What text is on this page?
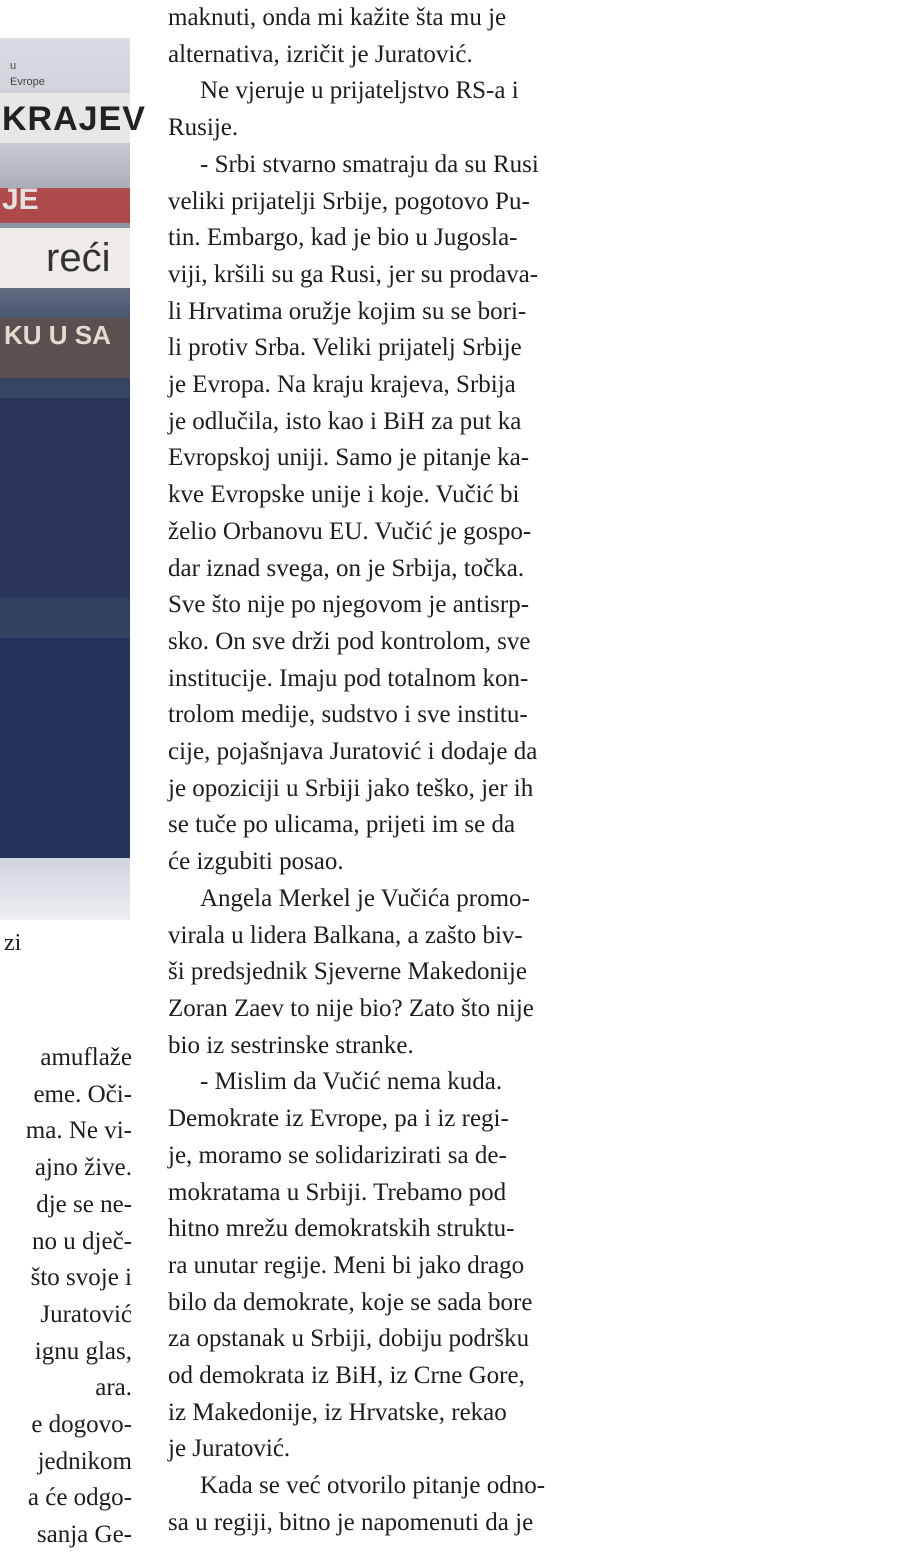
u
Evrope
KRAJEV
JE
reći
KU U SA
zi
maknuti, onda mi kažite šta mu je
alternativa, izričit je Juratović.
Ne vjeruje u prijateljstvo RS-a i
Rusije.
- Srbi stvarno smatraju da su Rusi
veliki prijatelji Srbije, pogotovo Pu-
tin. Embargo, kad je bio u Jugosla-
viji, kršili su ga Rusi, jer su prodava-
li Hrvatima oružje kojim su se bori-
li protiv Srba. Veliki prijatelj Srbije
je Evropa. Na kraju krajeva, Srbija
je odlučila, isto kao i BiH za put ka
Evropskoj uniji. Samo je pitanje ka-
kve Evropske unije i koje. Vučić bi
želio Orbanovu EU. Vučić je gospo-
dar iznad svega, on je Srbija, točka.
Sve što nije po njegovom je antisrp-
sko. On sve drži pod kontrolom, sve
institucije. Imaju pod totalnom kon-
trolom medije, sudstvo i sve institu-
cije, pojašnjava Juratović i dodaje da
je opoziciji u Srbiji jako teško, jer ih
se tuče po ulicama, prijeti im se da
će izgubiti posao.
Angela Merkel je Vučića promo-
virala u lidera Balkana, a zašto biv-
ši predsjednik Sjeverne Makedonije
Zoran Zaev to nije bio? Zato što nije
bio iz sestrinske stranke.
- Mislim da Vučić nema kuda.
Demokrate iz Evrope, pa i iz regi-
je, moramo se solidarizirati sa de-
mokratama u Srbiji. Trebamo pod
hitno mrežu demokratskih struktu-
ra unutar regije. Meni bi jako drago
bilo da demokrate, koje se sada bore
za opstanak u Srbiji, dobiju podršku
od demokrata iz BiH, iz Crne Gore,
iz Makedonije, iz Hrvatske, rekao
je Juratović.
Kada se već otvorilo pitanje odno-
sa u regiji, bitno je napomenuti da je
amuflaže
eme. Oči-
ma. Ne vi-
ajno žive.
dje se ne-
no u dječ-
što svoje i
Juratović
ignu glas,
ara.
e dogovo-
jednikom
a će odgo-
sanja Ge-
